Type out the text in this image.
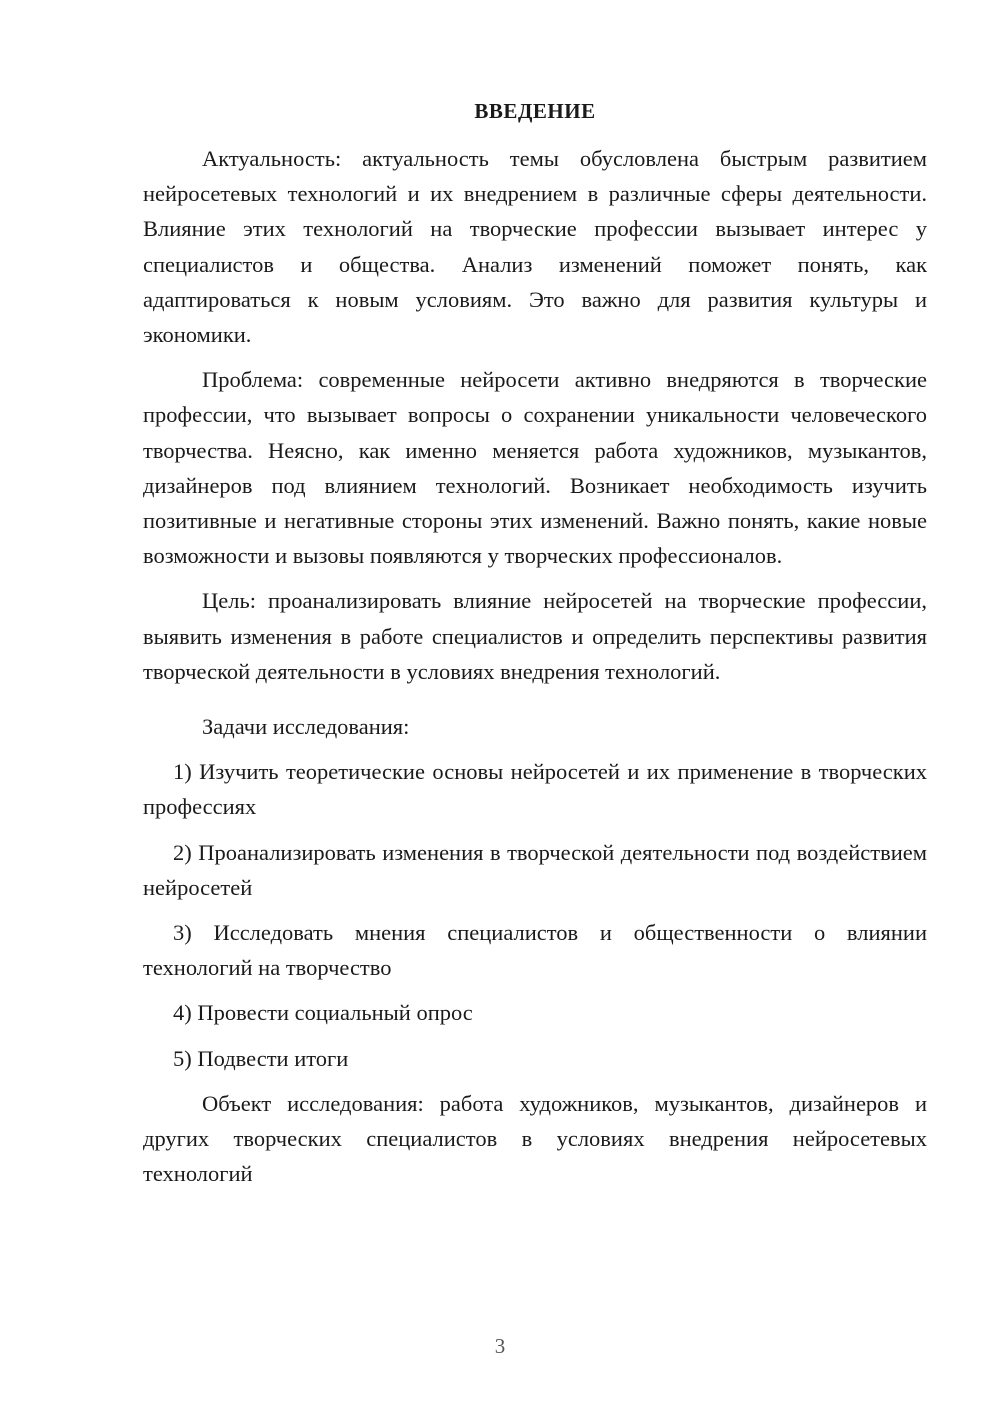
ВВЕДЕНИЕ

Актуальность: актуальность темы обусловлена быстрым развитием нейросетевых технологий и их внедрением в различные сферы деятельности. Влияние этих технологий на творческие профессии вызывает интерес у специалистов и общества. Анализ изменений поможет понять, как адаптироваться к новым условиям. Это важно для развития культуры и экономики.

Проблема: современные нейросети активно внедряются в творческие профессии, что вызывает вопросы о сохранении уникальности человеческого творчества. Неясно, как именно меняется работа художников, музыкантов, дизайнеров под влиянием технологий. Возникает необходимость изучить позитивные и негативные стороны этих изменений. Важно понять, какие новые возможности и вызовы появляются у творческих профессионалов.

Цель: проанализировать влияние нейросетей на творческие профессии, выявить изменения в работе специалистов и определить перспективы развития творческой деятельности в условиях внедрения технологий.

Задачи исследования:

1) Изучить теоретические основы нейросетей и их применение в творческих профессиях

2) Проанализировать изменения в творческой деятельности под воздействием нейросетей

3) Исследовать мнения специалистов и общественности о влиянии технологий на творчество

4) Провести социальный опрос

5) Подвести итоги

Объект исследования: работа художников, музыкантов, дизайнеров и других творческих специалистов в условиях внедрения нейросетевых технологий

3
